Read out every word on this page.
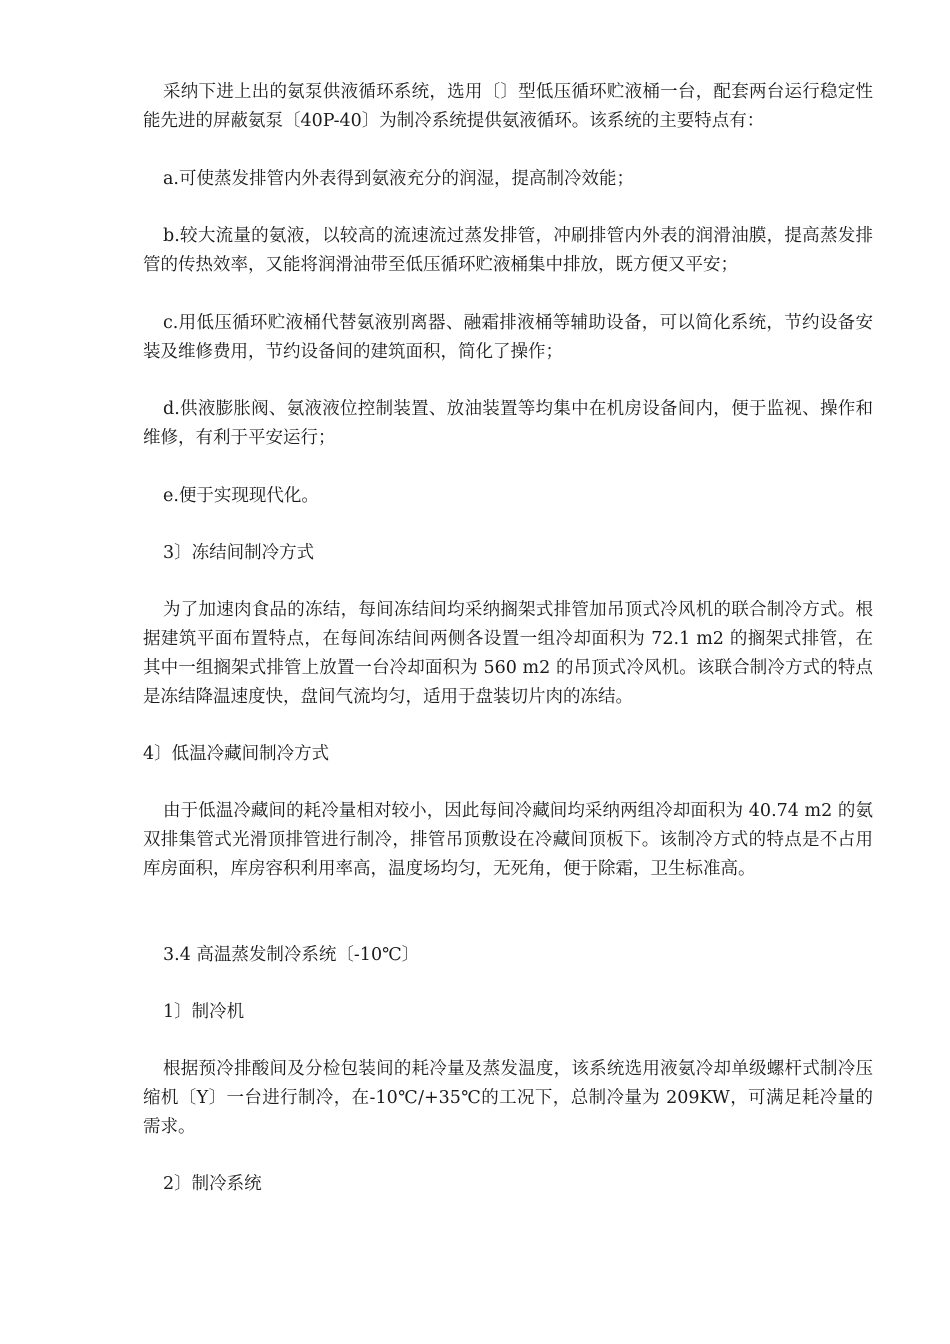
采纳下进上出的氨泵供液循环系统，选用〔〕型低压循环贮液桶一台，配套两台运行稳定性能先进的屏蔽氨泵〔40P-40〕为制冷系统提供氨液循环。该系统的主要特点有：

a.可使蒸发排管内外表得到氨液充分的润湿，提高制冷效能；

b.较大流量的氨液，以较高的流速流过蒸发排管，冲刷排管内外表的润滑油膜，提高蒸发排管的传热效率，又能将润滑油带至低压循环贮液桶集中排放，既方便又平安；

c.用低压循环贮液桶代替氨液别离器、融霜排液桶等辅助设备，可以简化系统，节约设备安装及维修费用，节约设备间的建筑面积，简化了操作；

d.供液膨胀阀、氨液液位控制装置、放油装置等均集中在机房设备间内，便于监视、操作和维修，有利于平安运行；

e.便于实现现代化。

3〕冻结间制冷方式

为了加速肉食品的冻结，每间冻结间均采纳搁架式排管加吊顶式冷风机的联合制冷方式。根据建筑平面布置特点，在每间冻结间两侧各设置一组冷却面积为 72.1 m2 的搁架式排管，在其中一组搁架式排管上放置一台冷却面积为 560 m2 的吊顶式冷风机。该联合制冷方式的特点是冻结降温速度快，盘间气流均匀，适用于盘装切片肉的冻结。

4〕低温冷藏间制冷方式

由于低温冷藏间的耗冷量相对较小，因此每间冷藏间均采纳两组冷却面积为 40.74 m2 的氨双排集管式光滑顶排管进行制冷，排管吊顶敷设在冷藏间顶板下。该制冷方式的特点是不占用库房面积，库房容积利用率高，温度场均匀，无死角，便于除霜，卫生标准高。

3.4 高温蒸发制冷系统〔-10℃〕

1〕制冷机

根据预冷排酸间及分检包装间的耗冷量及蒸发温度，该系统选用液氨冷却单级螺杆式制冷压缩机〔Y〕一台进行制冷，在-10℃/+35℃的工况下，总制冷量为 209KW，可满足耗冷量的需求。

2〕制冷系统
